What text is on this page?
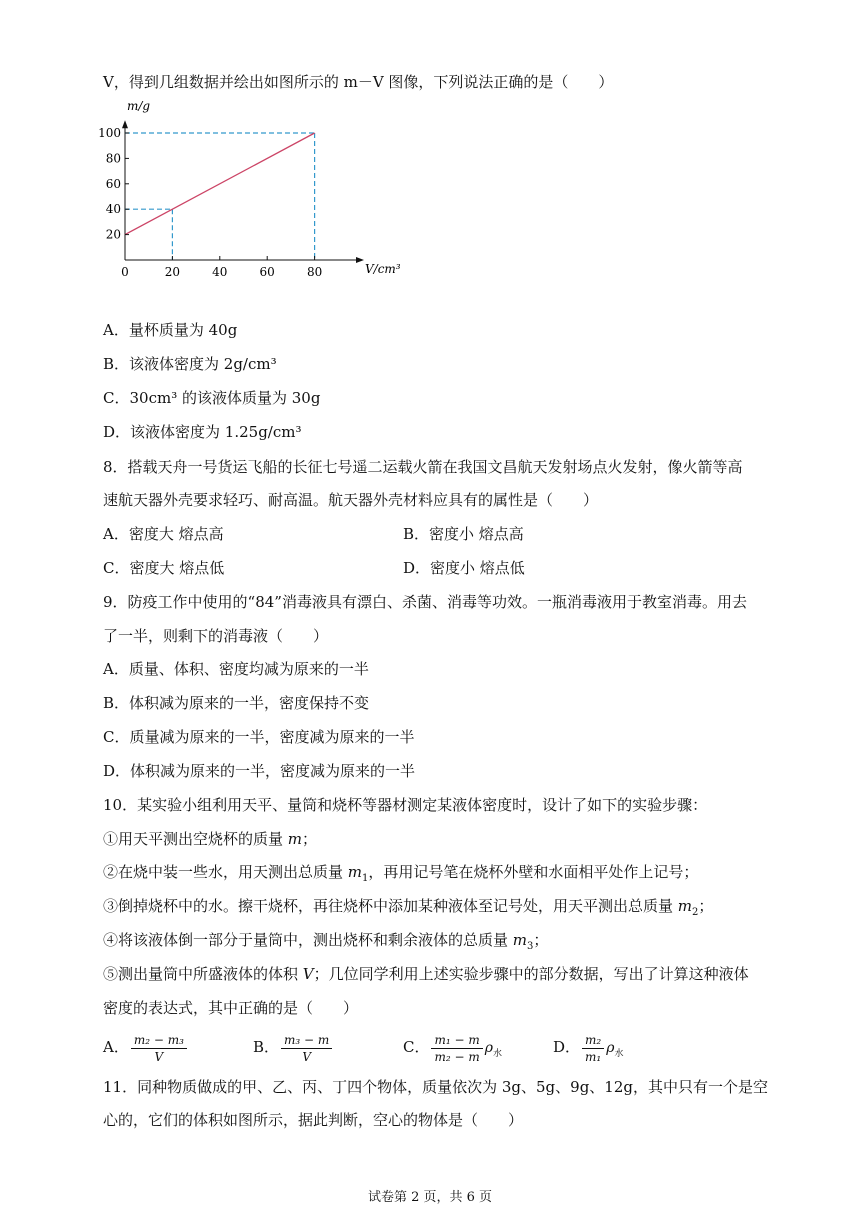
V，得到几组数据并绘出如图所示的 m－V 图像，下列说法正确的是（　　）
0	20	40	60	80
20
40
60
80
100
m/g
V/cm³
A．量杯质量为 40g
B．该液体密度为 2g/cm³
C．30cm³ 的该液体质量为 30g
D．该液体密度为 1.25g/cm³
8．搭载天舟一号货运飞船的长征七号遥二运载火箭在我国文昌航天发射场点火发射，像火箭等高
速航天器外壳要求轻巧、耐高温。航天器外壳材料应具有的属性是（　　）
A．密度大 熔点高	B．密度小 熔点高
C．密度大 熔点低	D．密度小 熔点低
9．防疫工作中使用的“84”消毒液具有漂白、杀菌、消毒等功效。一瓶消毒液用于教室消毒。用去
了一半，则剩下的消毒液（　　）
A．质量、体积、密度均减为原来的一半
B．体积减为原来的一半，密度保持不变
C．质量减为原来的一半，密度减为原来的一半
D．体积减为原来的一半，密度减为原来的一半
10．某实验小组利用天平、量筒和烧杯等器材测定某液体密度时，设计了如下的实验步骤：
①用天平测出空烧杯的质量 m；
②在烧中装一些水，用天测出总质量 $m_1$，再用记号笔在烧杯外壁和水面相平处作上记号；
③倒掉烧杯中的水。擦干烧杯，再往烧杯中添加某种液体至记号处，用天平测出总质量 $m_2$；
④将该液体倒一部分于量筒中，测出烧杯和剩余液体的总质量 $m_3$；
⑤测出量筒中所盛液体的体积 V；几位同学利用上述实验步骤中的部分数据，写出了计算这种液体
密度的表达式，其中正确的是（　　）
A． $\frac{\text{m₂ − m₃}}{V}$	B． $\frac{\text{m₃ − m}}{V}$	C． $\frac{\text{m₁ − m}}{\text{m₂ − m}} \rho_水$	D． $\frac{\text{m₂}}{\text{m₁}} \rho_水$
11．同种物质做成的甲、乙、丙、丁四个物体，质量依次为 3g、5g、9g、12g，其中只有一个是空
心的，它们的体积如图所示，据此判断，空心的物体是（　　）
试卷第 2 页，共 6 页
